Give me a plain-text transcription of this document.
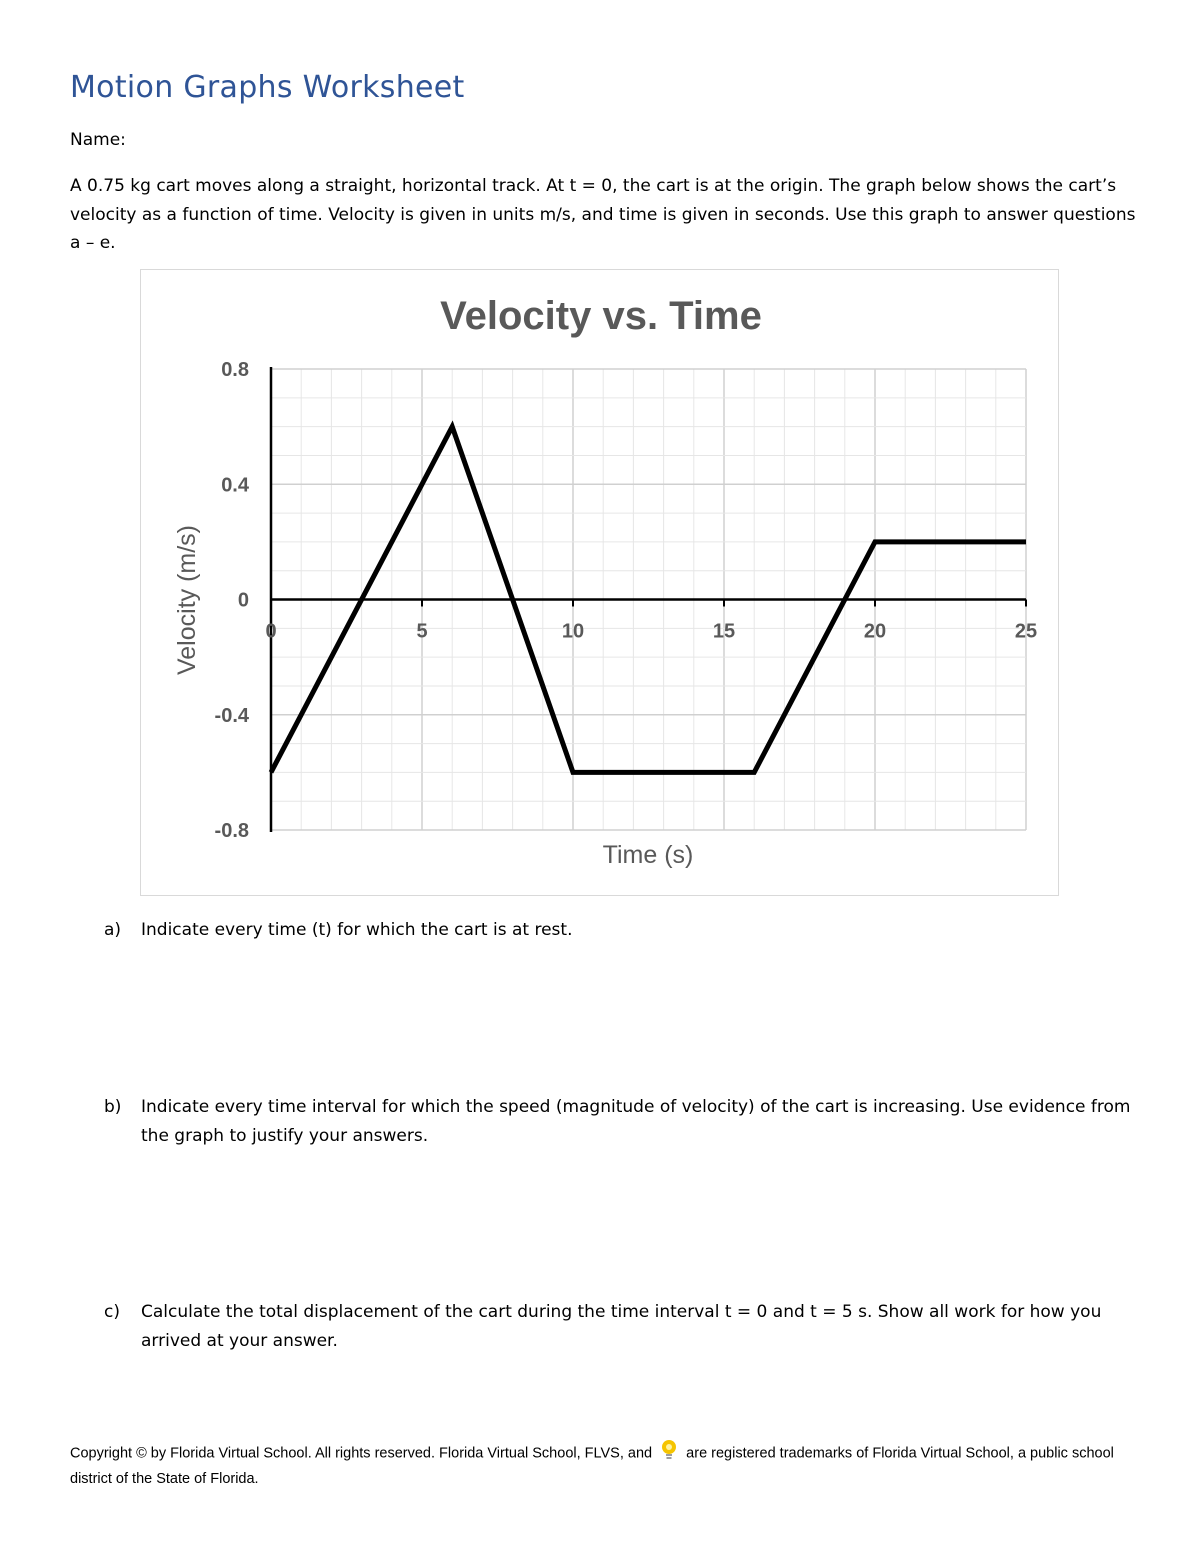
Motion Graphs Worksheet
Name:

A 0.75 kg cart moves along a straight, horizontal track. At t = 0, the cart is at the origin. The graph below shows the cart’s velocity as a function of time. Velocity is given in units m/s, and time is given in seconds. Use this graph to answer questions a – e.

0	5	10	15	20	25
0.8
0.4
0
-0.4
-0.8
Velocity vs. Time
Time (s)
Velocity (m/s)
a) Indicate every time (t) for which the cart is at rest.
b) Indicate every time interval for which the speed (magnitude of velocity) of the cart is increasing. Use evidence from the graph to justify your answers.
c) Calculate the total displacement of the cart during the time interval t = 0 and t = 5 s. Show all work for how you arrived at your answer.
Copyright © by Florida Virtual School. All rights reserved. Florida Virtual School, FLVS, and are registered trademarks of Florida Virtual School, a public school district of the State of Florida.
